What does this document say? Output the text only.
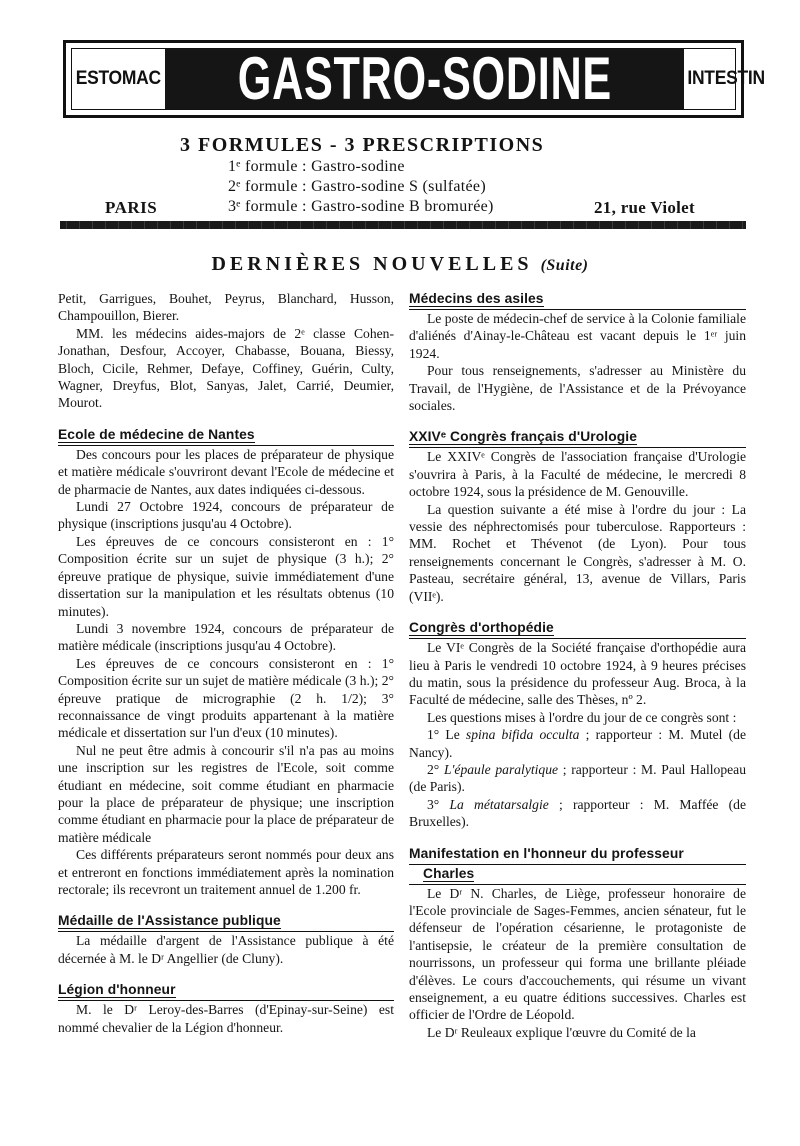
ESTOMAC GASTRO-SODINE	INTESTIN
3 FORMULES - 3 PRESCRIPTIONS
1ᵉ formule : Gastro-sodine
2ᵉ formule : Gastro-sodine S (sulfatée)
3ᵉ formule : Gastro-sodine B bromurée)
PARIS	21, rue Violet
DERNIÈRES NOUVELLES (Suite)

Petit, Garrigues, Bouhet, Peyrus, Blanchard, Husson, Champouillon, Bierer.

MM. les médecins aides-majors de 2ᵉ classe Cohen-Jonathan, Desfour, Accoyer, Chabasse, Bouana, Biessy, Bloch, Cicile, Rehmer, Defaye, Coffiney, Guérin, Culty, Wagner, Dreyfus, Blot, Sanyas, Jalet, Carrié, Deumier, Mourot.

Ecole de médecine de Nantes

Des concours pour les places de préparateur de physique et matière médicale s'ouvriront devant l'Ecole de médecine et de pharmacie de Nantes, aux dates indiquées ci-dessous.

Lundi 27 Octobre 1924, concours de préparateur de physique (inscriptions jusqu'au 4 Octobre).

Les épreuves de ce concours consisteront en : 1° Composition écrite sur un sujet de physique (3 h.); 2° épreuve pratique de physique, suivie immédiatement d'une dissertation sur la manipulation et les résultats obtenus (10 minutes).

Lundi 3 novembre 1924, concours de préparateur de matière médicale (inscriptions jusqu'au 4 Octobre).

Les épreuves de ce concours consisteront en : 1° Composition écrite sur un sujet de matière médicale (3 h.); 2° épreuve pratique de micrographie (2 h. 1/2); 3° reconnaissance de vingt produits appartenant à la matière médicale et dissertation sur l'un d'eux (10 minutes).

Nul ne peut être admis à concourir s'il n'a pas au moins une inscription sur les registres de l'Ecole, soit comme étudiant en médecine, soit comme étudiant en pharmacie pour la place de préparateur de physique; une inscription comme étudiant en pharmacie pour la place de préparateur de matière médicale

Ces différents préparateurs seront nommés pour deux ans et entreront en fonctions immédiatement après la nomination rectorale; ils recevront un traitement annuel de 1.200 fr.

Médaille de l'Assistance publique

La médaille d'argent de l'Assistance publique à été décernée à M. le Dʳ Angellier (de Cluny).

Légion d'honneur

M. le Dʳ Leroy-des-Barres (d'Epinay-sur-Seine) est nommé chevalier de la Légion d'honneur.

Médecins des asiles

Le poste de médecin-chef de service à la Colonie familiale d'aliénés d'Ainay-le-Château est vacant depuis le 1ᵉʳ juin 1924.

Pour tous renseignements, s'adresser au Ministère du Travail, de l'Hygiène, de l'Assistance et de la Prévoyance sociales.

XXIVᵉ Congrès français d'Urologie

Le XXIVᵉ Congrès de l'association française d'Urologie s'ouvrira à Paris, à la Faculté de médecine, le mercredi 8 octobre 1924, sous la présidence de M. Genouville.

La question suivante a été mise à l'ordre du jour : La vessie des néphrectomisés pour tuberculose. Rapporteurs : MM. Rochet et Thévenot (de Lyon). Pour tous renseignements concernant le Congrès, s'adresser à M. O. Pasteau, secrétaire général, 13, avenue de Villars, Paris (VIIᵉ).

Congrès d'orthopédie

Le VIᵉ Congrès de la Société française d'orthopédie aura lieu à Paris le vendredi 10 octobre 1924, à 9 heures précises du matin, sous la présidence du professeur Aug. Broca, à la Faculté de médecine, salle des Thèses, nº 2.

Les questions mises à l'ordre du jour de ce congrès sont :

1° Le spina bifida occulta ; rapporteur : M. Mutel (de Nancy).

2° L'épaule paralytique ; rapporteur : M. Paul Hallopeau (de Paris).

3° La métatarsalgie ; rapporteur : M. Maffée (de Bruxelles).

Manifestation en l'honneur du professeur
Charles

Le Dʳ N. Charles, de Liège, professeur honoraire de l'Ecole provinciale de Sages-Femmes, ancien sénateur, fut le défenseur de l'opération césarienne, le protagoniste de l'antisepsie, le créateur de la première consultation de nourrissons, un professeur qui forma une brillante pléiade d'élèves. Le cours d'accouchements, qui résume un vivant enseignement, a eu quatre éditions successives. Charles est officier de l'Ordre de Léopold.

Le Dʳ Reuleaux explique l'œuvre du Comité de la
